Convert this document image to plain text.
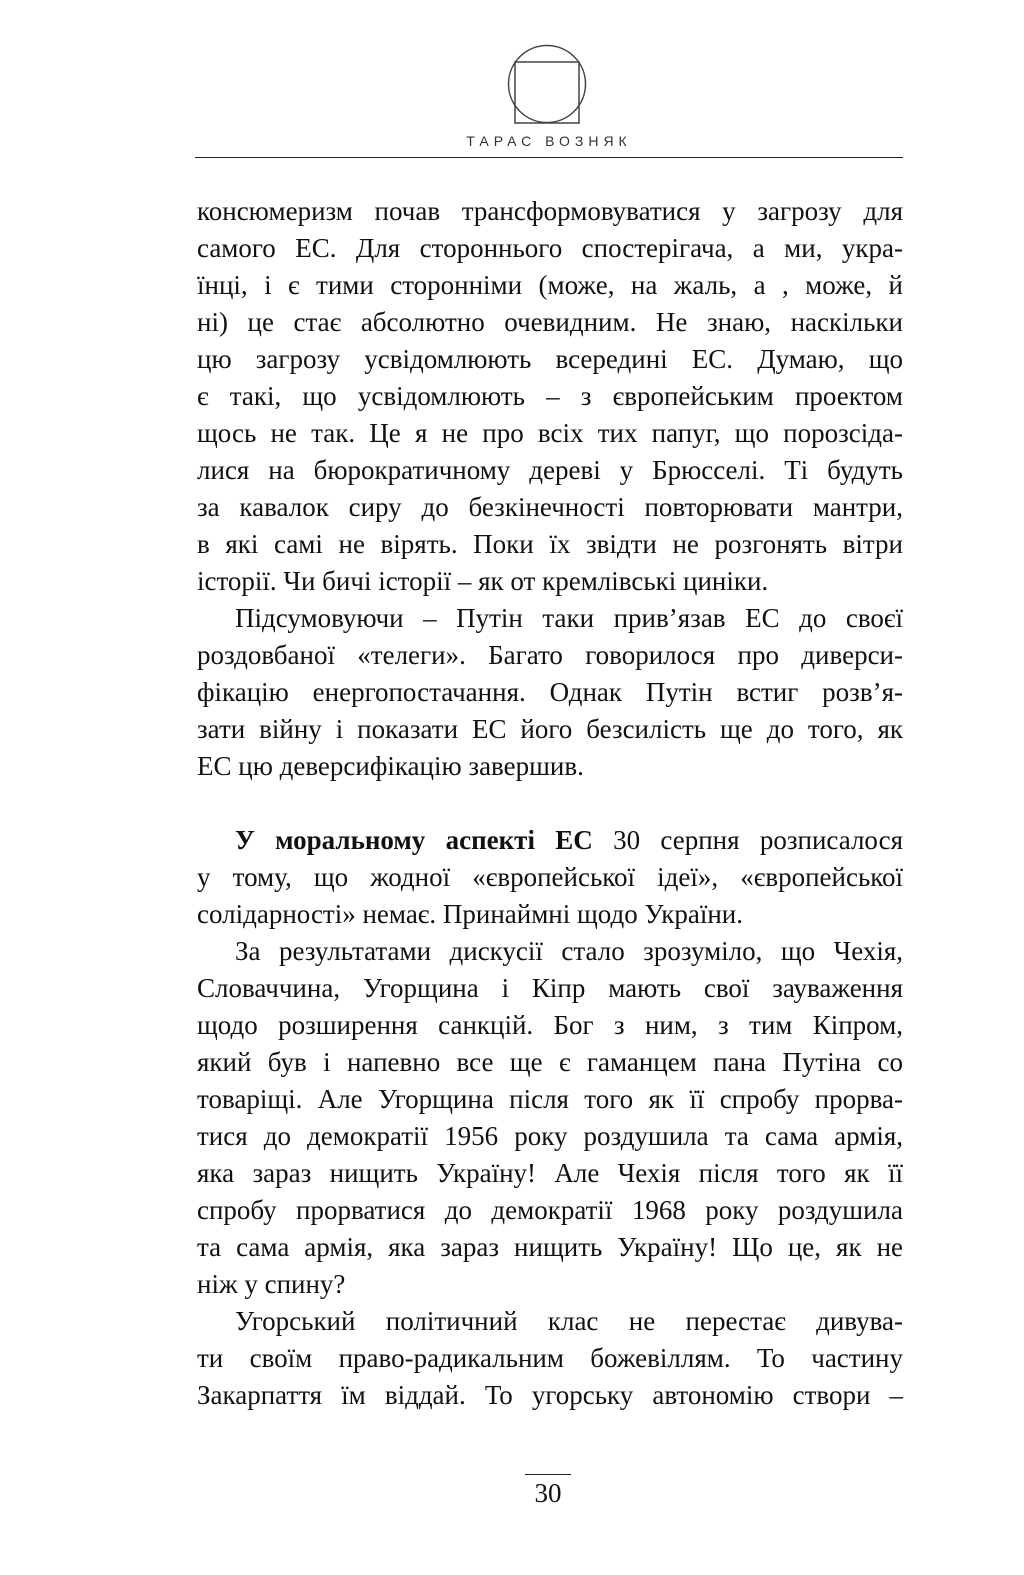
ТАРАС ВОЗНЯК
консюмеризм почав трансформовуватися у загрозу для
самого ЕС. Для стороннього спостерігача, а ми, укра-
їнці, і є тими сторонніми (може, на жаль, а , може, й
ні) це стає абсолютно очевидним. Не знаю, наскільки
цю загрозу усвідомлюють всередині ЕС. Думаю, що
є такі, що усвідомлюють – з європейським проектом
щось не так. Це я не про всіх тих папуг, що порозсіда-
лися на бюрократичному дереві у Брюсселі. Ті будуть
за кавалок сиру до безкінечності повторювати мантри,
в які самі не вірять. Поки їх звідти не розгонять вітри
історії. Чи бичі історії – як от кремлівські циніки.
Підсумовуючи – Путін таки прив’язав ЕС до своєї
роздовбаної «телеги». Багато говорилося про диверси-
фікацію енергопостачання. Однак Путін встиг розв’я-
зати війну і показати ЕС його безсилість ще до того, як
ЕС цю деверсифікацію завершив.
У моральному аспекті ЕС 30 серпня розписалося
у тому, що жодної «європейської ідеї», «європейської
солідарності» немає. Принаймні щодо України.
За результатами дискусії стало зрозуміло, що Чехія,
Словаччина, Угорщина і Кіпр мають свої зауваження
щодо розширення санкцій. Бог з ним, з тим Кіпром,
який був і напевно все ще є гаманцем пана Путіна со
товаріщі. Але Угорщина після того як її спробу прорва-
тися до демократії 1956 року роздушила та сама армія,
яка зараз нищить Україну! Але Чехія після того як її
спробу прорватися до демократії 1968 року роздушила
та сама армія, яка зараз нищить Україну! Що це, як не
ніж у спину?
Угорський політичний клас не перестає дивува-
ти своїм право-радикальним божевіллям. То частину
Закарпаття їм віддай. То угорську автономію створи –
30
